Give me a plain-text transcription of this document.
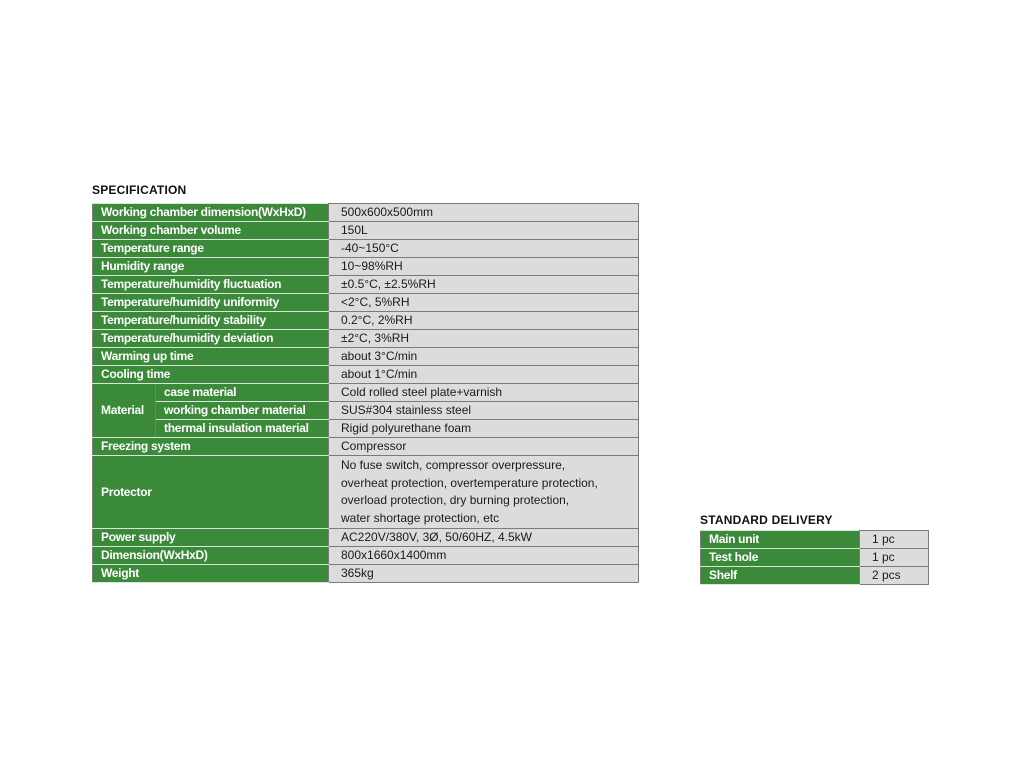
SPECIFICATION
Working chamber dimension(WxHxD)		500x600x500mm
Working chamber volume		150L
Temperature range		-40~150°C
Humidity range		10~98%RH
Temperature/humidity fluctuation		±0.5°C, ±2.5%RH
Temperature/humidity uniformity		<2°C, 5%RH
Temperature/humidity stability		0.2°C, 2%RH
Temperature/humidity deviation		±2°C, 3%RH
Warming up time		about 3°C/min
Cooling time		about 1°C/min
Material	case material	Cold rolled steel plate+varnish
	working chamber material	SUS#304 stainless steel
	thermal insulation material	Rigid polyurethane foam
Freezing system		Compressor
Protector		No fuse switch, compressor overpressure,
overheat protection, overtemperature protection,
overload protection, dry burning protection,
water shortage protection, etc

Power supply		AC220V/380V, 3Ø, 50/60HZ, 4.5kW
Dimension(WxHxD)		800x1660x1400mm
Weight		365kg
STANDARD DELIVERY
Main unit	1 pc
Test hole	1 pc
Shelf	2 pcs
